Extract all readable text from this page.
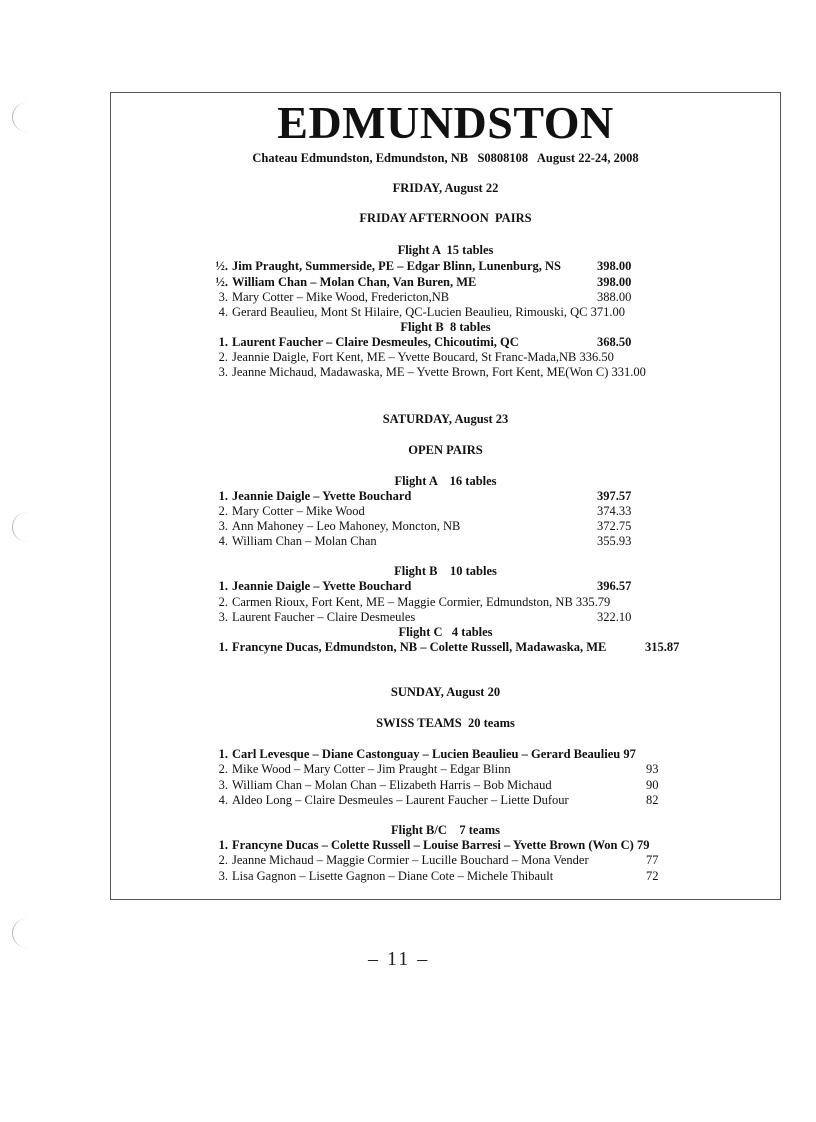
EDMUNDSTON
Chateau Edmundston, Edmundston, NB   S0808108   August 22-24, 2008
FRIDAY, August 22
FRIDAY AFTERNOON  PAIRS
Flight A  15 tables
½. Jim Praught, Summerside, PE – Edgar Blinn, Lunenburg, NS	398.00
½. William Chan – Molan Chan, Van Buren, ME	398.00
3. Mary Cotter – Mike Wood, Fredericton,NB	388.00
4. Gerard Beaulieu, Mont St Hilaire, QC-Lucien Beaulieu, Rimouski, QC 371.00
Flight B  8 tables
1. Laurent Faucher – Claire Desmeules, Chicoutimi, QC	368.50
2. Jeannie Daigle, Fort Kent, ME – Yvette Boucard, St Franc-Mada,NB 336.50
3. Jeanne Michaud, Madawaska, ME – Yvette Brown, Fort Kent, ME(Won C) 331.00
SATURDAY, August 23
OPEN PAIRS
Flight A    16 tables
1. Jeannie Daigle – Yvette Bouchard	397.57
2. Mary Cotter – Mike Wood	374.33
3. Ann Mahoney – Leo Mahoney, Moncton, NB	372.75
4. William Chan – Molan Chan	355.93
Flight B    10 tables
1. Jeannie Daigle – Yvette Bouchard	396.57
2. Carmen Rioux, Fort Kent, ME – Maggie Cormier, Edmundston, NB 335.79
3. Laurent Faucher – Claire Desmeules	322.10
Flight C   4 tables
1. Francyne Ducas, Edmundston, NB – Colette Russell, Madawaska, ME	315.87
SUNDAY, August 20
SWISS TEAMS  20 teams
1. Carl Levesque – Diane Castonguay – Lucien Beaulieu – Gerard Beaulieu 97
2. Mike Wood – Mary Cotter – Jim Praught – Edgar Blinn	93
3. William Chan – Molan Chan – Elizabeth Harris – Bob Michaud	90
4. Aldeo Long – Claire Desmeules – Laurent Faucher – Liette Dufour	82
Flight B/C    7 teams
1. Francyne Ducas – Colette Russell – Louise Barresi – Yvette Brown (Won C) 79
2. Jeanne Michaud – Maggie Cormier – Lucille Bouchard – Mona Vender	77
3. Lisa Gagnon – Lisette Gagnon – Diane Cote – Michele Thibault	72
– 11 –
